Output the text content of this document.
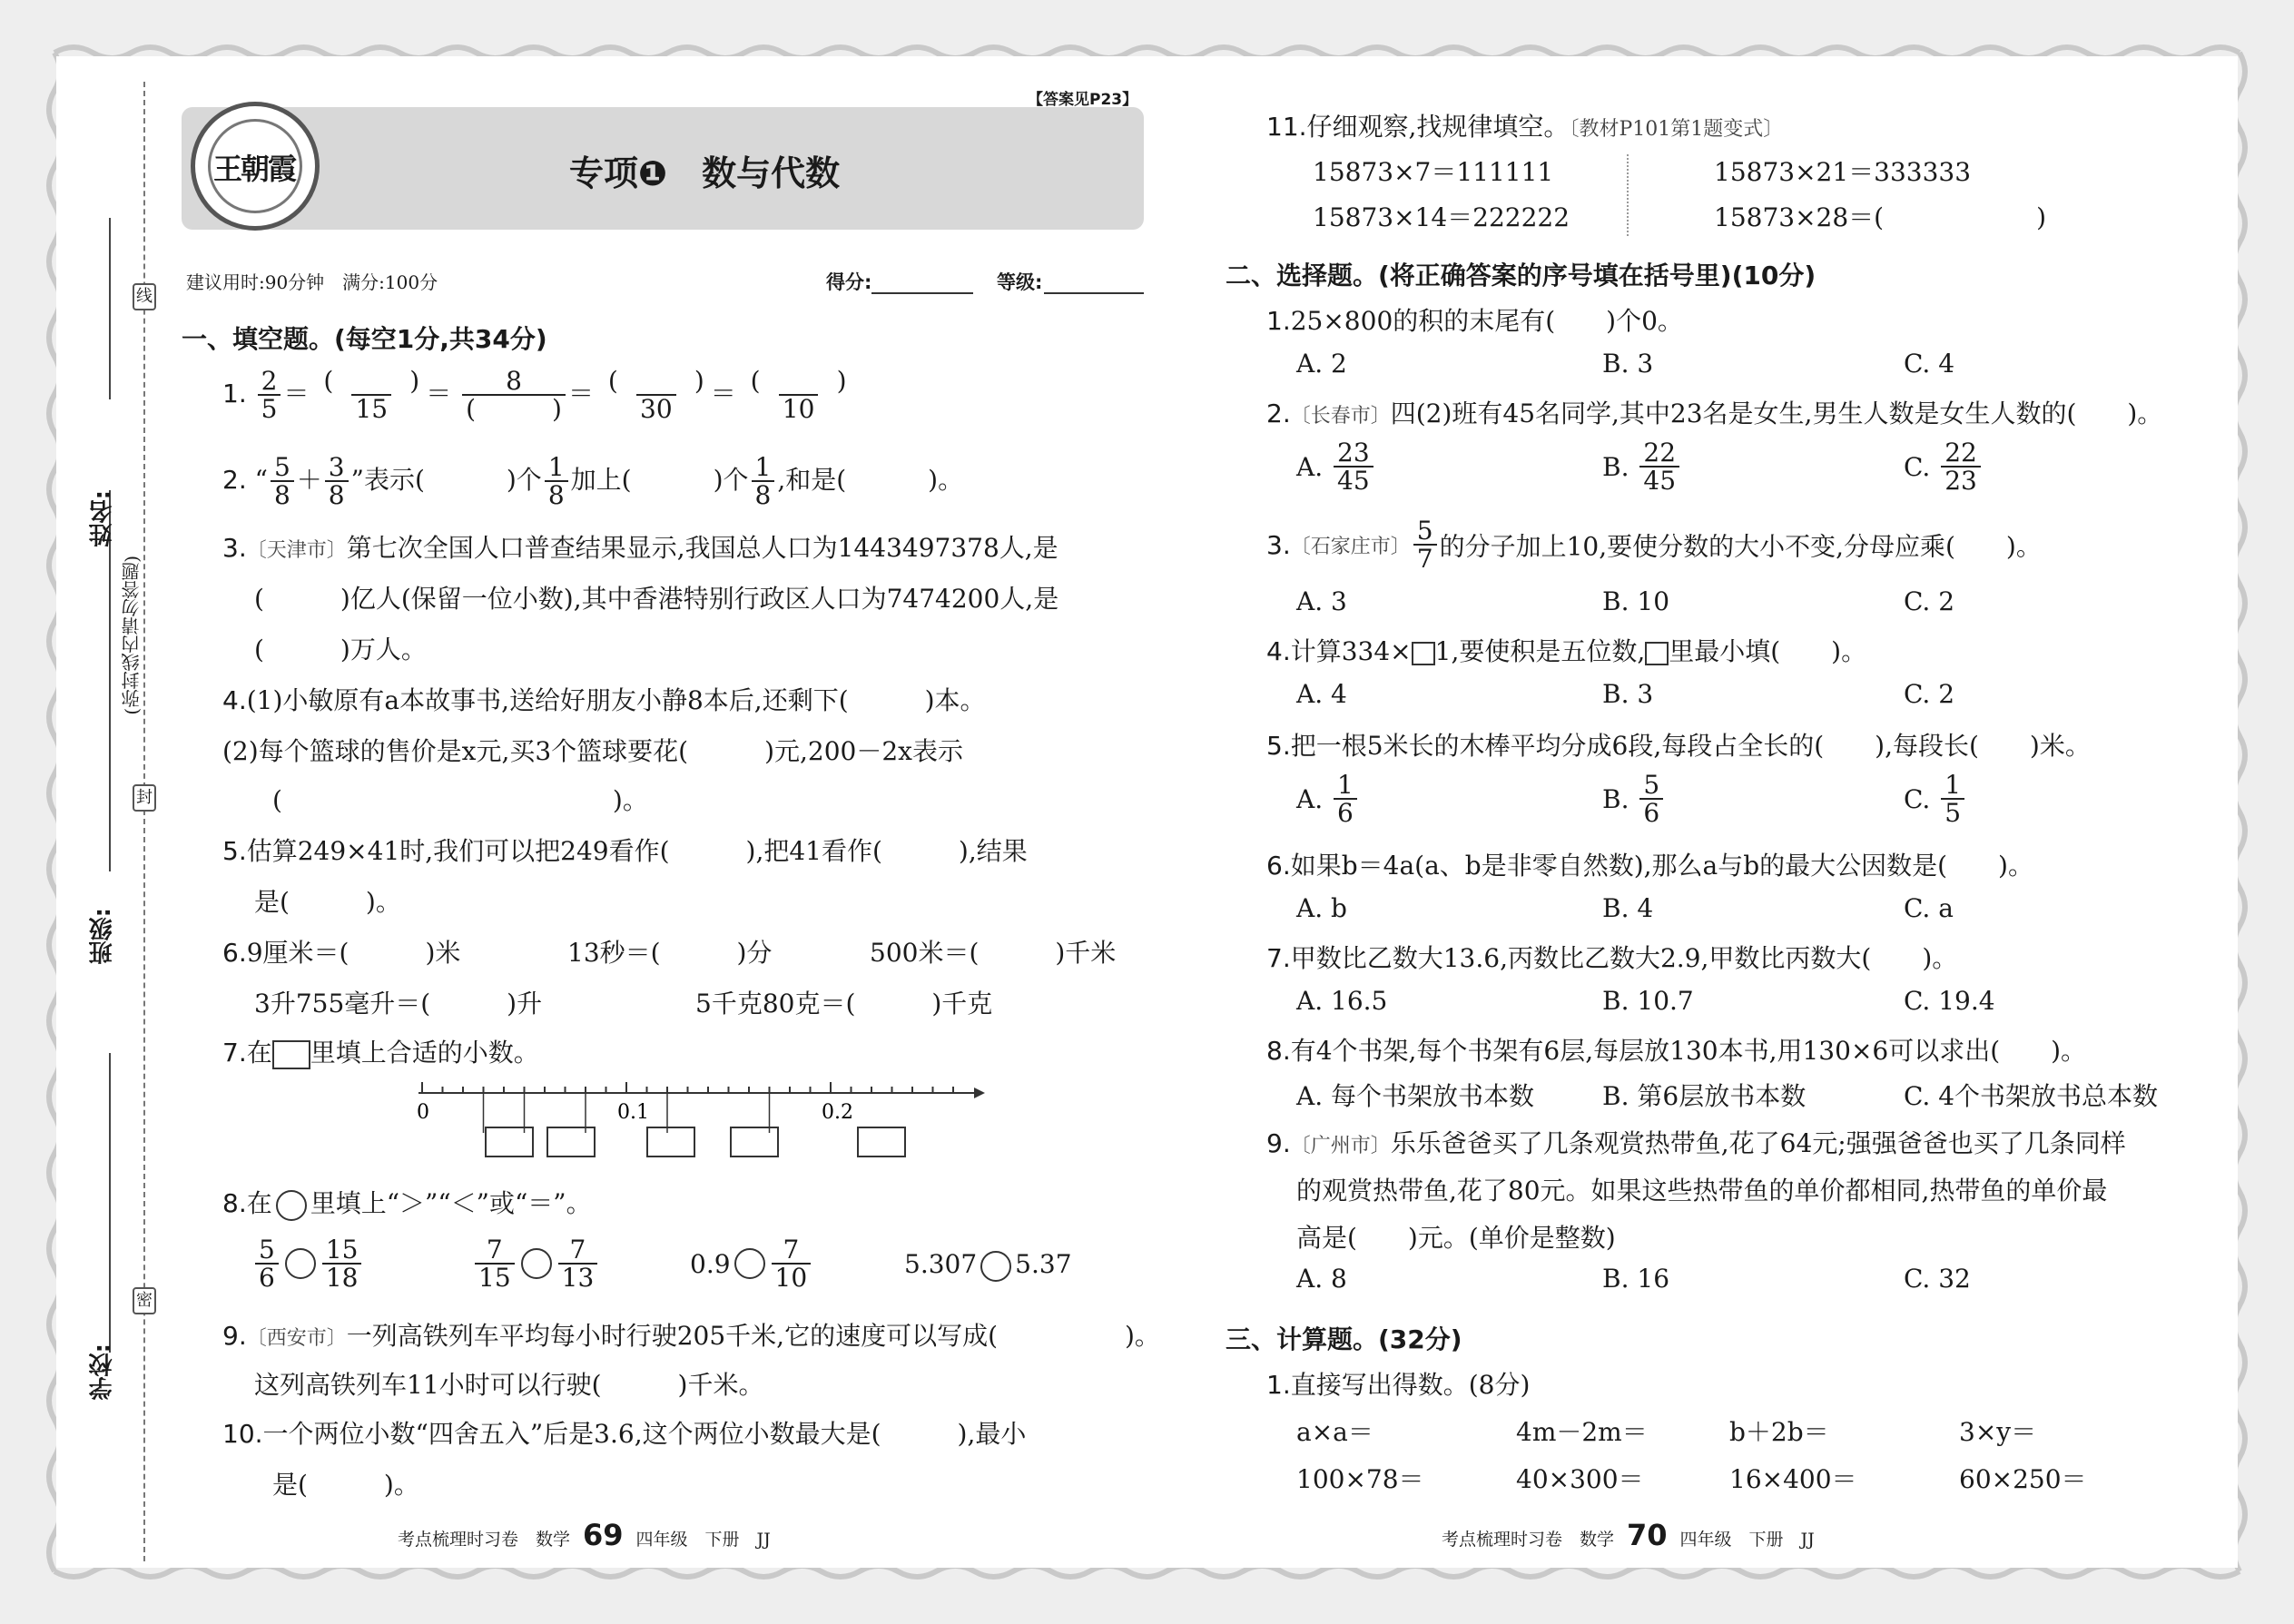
线
封
密
姓名:
班级:
学校:
(弥封线内请勿答题)
王朝霞
【答案见P23】
专项❶　数与代数
建议用时:90分钟　满分:100分	得分:	等级:
一、填空题。(每空1分,共34分)
1. $\frac{2}{5} = \frac{( )}{15} = \frac{8}{( )} = \frac{( )}{30} = \frac{( )}{10}$
2. “ $\frac{5}{8} + \frac{3}{8}$ ”表示(	)个 $\frac{1}{8}$ 加上(	)个 $\frac{1}{8}$ ,和是(	)。
3.〔天津市〕第七次全国人口普查结果显示,我国总人口为1443497378人,是
(　　　)亿人(保留一位小数),其中香港特别行政区人口为7474200人,是
(　　　)万人。
4.(1)小敏原有a本故事书,送给好朋友小静8本后,还剩下(　　　)本。
(2)每个篮球的售价是x元,买3个篮球要花(　　　)元,200－2x表示
(　　　　　　　　　　　　　)。
5.估算249×41时,我们可以把249看作(　　　),把41看作(　　　),结果
是(　　　)。
6.9厘米＝(　　　)米	13秒＝(　　　)分	500米＝(　　　)千米
3升755毫升＝(　　　)升	5千克80克＝(　　　)千克
7.在 里填上合适的小数。
0	0.1	0.2
8.在 里填上“＞”“＜”或“＝”。
$\frac{5}{6} \frac{15}{18}$	$\frac{7}{15} \frac{7}{13}$	$0.9 \frac{7}{10}$	5.307 5.37
9.〔西安市〕一列高铁列车平均每小时行驶205千米,它的速度可以写成(　　　　　)。
这列高铁列车11小时可以行驶(　　　)千米。
10.一个两位小数“四舍五入”后是3.6,这个两位小数最大是(　　　),最小
是(　　　)。
考点梳理时习卷　数学 69 四年级　下册　JJ
11.仔细观察,找规律填空。〔教材P101第1题变式〕
15873×7＝111111	15873×21＝333333
15873×14＝222222	15873×28＝(　　　　　　)
二、选择题。(将正确答案的序号填在括号里)(10分)
1.25×800的积的末尾有(　　)个0。
A. 2	B. 3	C. 4
2.〔长春市〕四(2)班有45名同学,其中23名是女生,男生人数是女生人数的(　　)。
A. $\frac{23}{45}$	B. $\frac{22}{45}$	C. $\frac{22}{23}$
3.〔石家庄市〕 $\frac{5}{7}$ 的分子加上10,要使分数的大小不变,分母应乘(　　)。
A. 3	B. 10	C. 2
4.计算334× 1,要使积是五位数, 里最小填(　　)。
A. 4	B. 3	C. 2
5.把一根5米长的木棒平均分成6段,每段占全长的(　　),每段长(　　)米。
A. $\frac{1}{6}$	B. $\frac{5}{6}$	C. $\frac{1}{5}$
6.如果b＝4a(a、b是非零自然数),那么a与b的最大公因数是(　　)。
A. b	B. 4	C. a
7.甲数比乙数大13.6,丙数比乙数大2.9,甲数比丙数大(　　)。
A. 16.5	B. 10.7	C. 19.4
8.有4个书架,每个书架有6层,每层放130本书,用130×6可以求出(　　)。
A. 每个书架放书本数	B. 第6层放书本数	C. 4个书架放书总本数
9.〔广州市〕乐乐爸爸买了几条观赏热带鱼,花了64元;强强爸爸也买了几条同样
的观赏热带鱼,花了80元。如果这些热带鱼的单价都相同,热带鱼的单价最
高是(　　)元。(单价是整数)
A. 8	B. 16	C. 32
三、计算题。(32分)
1.直接写出得数。(8分)
a×a＝	4m－2m＝	b＋2b＝	3×y＝
100×78＝	40×300＝	16×400＝	60×250＝
考点梳理时习卷　数学 70 四年级　下册　JJ
